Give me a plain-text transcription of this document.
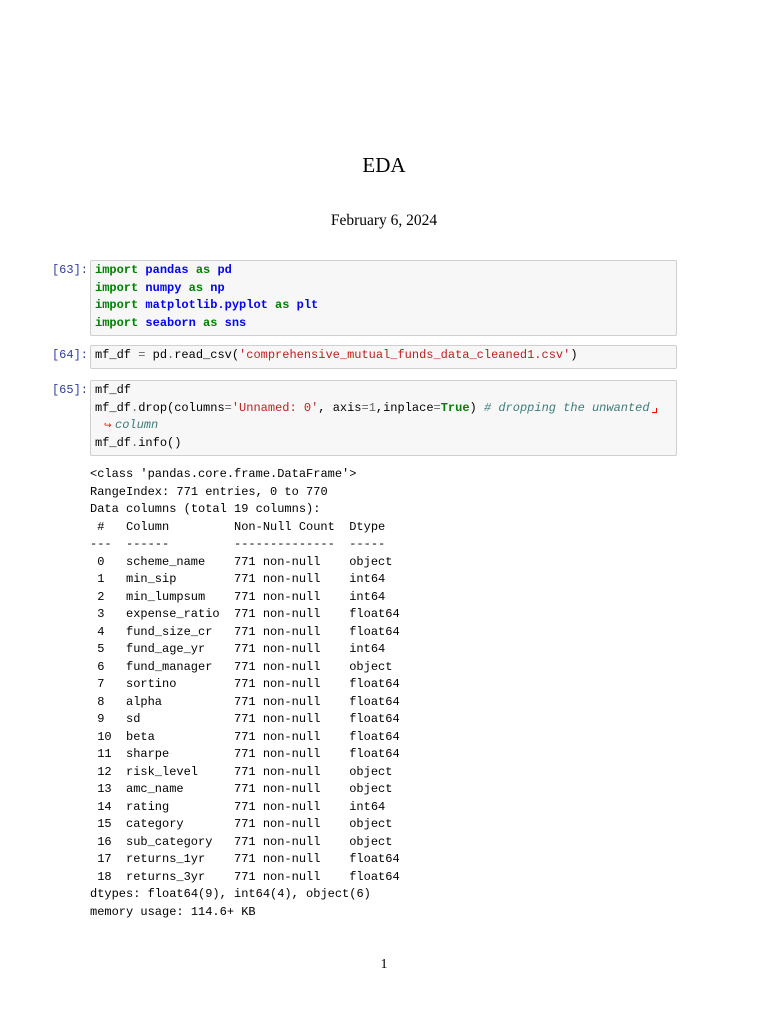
EDA
February 6, 2024
[63]: import pandas as pd
import numpy as np
import matplotlib.pyplot as plt
import seaborn as sns
[64]: mf_df = pd.read_csv('comprehensive_mutual_funds_data_cleaned1.csv')
[65]: mf_df
mf_df.drop(columns='Unnamed: 0', axis=1,inplace=True) # dropping the unwanted
↪ column
mf_df.info()
<class 'pandas.core.frame.DataFrame'>
RangeIndex: 771 entries, 0 to 770
Data columns (total 19 columns):
# Column	Non-Null Count Dtype
--- ------	-------------- -----
0 scheme_name 771 non-null object
1 min_sip	771 non-null int64
2 min_lumpsum 771 non-null int64
3 expense_ratio 771 non-null float64
4 fund_size_cr 771 non-null float64
5 fund_age_yr 771 non-null int64
6 fund_manager 771 non-null object
7 sortino	771 non-null float64
8 alpha	771 non-null float64
9 sd	771 non-null float64
10 beta	771 non-null float64
11 sharpe	771 non-null float64
12 risk_level	771 non-null object
13 amc_name	771 non-null object
14 rating	771 non-null int64
15 category	771 non-null object
16 sub_category 771 non-null object
17 returns_1yr 771 non-null float64
18 returns_3yr 771 non-null float64
dtypes: float64(9), int64(4), object(6)
memory usage: 114.6+ KB
1
